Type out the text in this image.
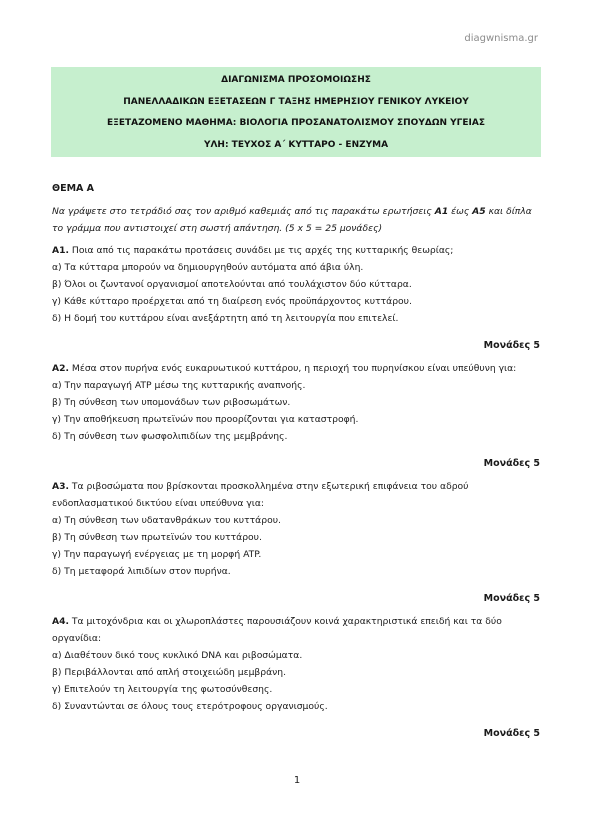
diagwnisma.gr
ΔΙΑΓΩΝΙΣΜΑ ΠΡΟΣΟΜΟΙΩΣΗΣ
ΠΑΝΕΛΛΑΔΙΚΩΝ ΕΞΕΤΑΣΕΩΝ Γ ΤΑΞΗΣ ΗΜΕΡΗΣΙΟΥ ΓΕΝΙΚΟΥ ΛΥΚΕΙΟΥ
ΕΞΕΤΑΖΟΜΕΝΟ ΜΑΘΗΜΑ: ΒΙΟΛΟΓΙΑ ΠΡΟΣΑΝΑΤΟΛΙΣΜΟΥ ΣΠΟΥΔΩΝ ΥΓΕΙΑΣ
ΥΛΗ: ΤΕΥΧΟΣ Α΄ ΚΥΤΤΑΡΟ - ΕΝΖΥΜΑ
ΘΕΜΑ Α
Να γράψετε στο τετράδιό σας τον αριθμό καθεμιάς από τις παρακάτω ερωτήσεις Α1 έως Α5 και δίπλα το γράμμα που αντιστοιχεί στη σωστή απάντηση. (5 x 5 = 25 μονάδες)
Α1. Ποια από τις παρακάτω προτάσεις συνάδει με τις αρχές της κυτταρικής θεωρίας;
α) Τα κύτταρα μπορούν να δημιουργηθούν αυτόματα από άβια ύλη.
β) Όλοι οι ζωντανοί οργανισμοί αποτελούνται από τουλάχιστον δύο κύτταρα.
γ) Κάθε κύτταρο προέρχεται από τη διαίρεση ενός προϋπάρχοντος κυττάρου.
δ) Η δομή του κυττάρου είναι ανεξάρτητη από τη λειτουργία που επιτελεί.
Μονάδες 5
Α2. Μέσα στον πυρήνα ενός ευκαρυωτικού κυττάρου, η περιοχή του πυρηνίσκου είναι υπεύθυνη για:
α) Την παραγωγή ATP μέσω της κυτταρικής αναπνοής.
β) Τη σύνθεση των υπομονάδων των ριβοσωμάτων.
γ) Την αποθήκευση πρωτεϊνών που προορίζονται για καταστροφή.
δ) Τη σύνθεση των φωσφολιπιδίων της μεμβράνης.
Μονάδες 5
Α3. Τα ριβοσώματα που βρίσκονται προσκολλημένα στην εξωτερική επιφάνεια του αδρού ενδοπλασματικού δικτύου είναι υπεύθυνα για:
α) Τη σύνθεση των υδατανθράκων του κυττάρου.
β) Τη σύνθεση των πρωτεϊνών του κυττάρου.
γ) Την παραγωγή ενέργειας με τη μορφή ATP.
δ) Τη μεταφορά λιπιδίων στον πυρήνα.
Μονάδες 5
Α4. Τα μιτοχόνδρια και οι χλωροπλάστες παρουσιάζουν κοινά χαρακτηριστικά επειδή και τα δύο οργανίδια:
α) Διαθέτουν δικό τους κυκλικό DNA και ριβοσώματα.
β) Περιβάλλονται από απλή στοιχειώδη μεμβράνη.
γ) Επιτελούν τη λειτουργία της φωτοσύνθεσης.
δ) Συναντώνται σε όλους τους ετερότροφους οργανισμούς.
Μονάδες 5
1
